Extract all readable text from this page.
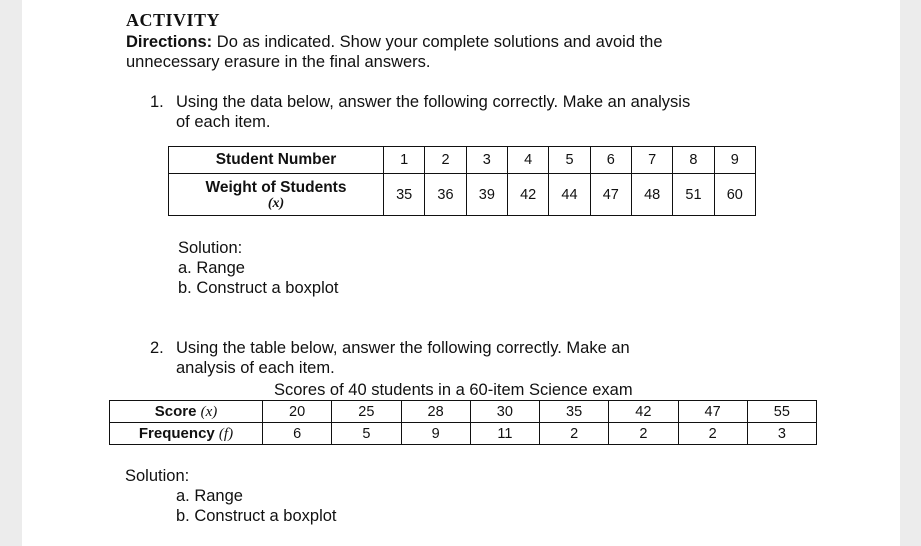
ACTIVITY
Directions: Do as indicated. Show your complete solutions and avoid the
unnecessary erasure in the final answers.
1. Using the data below, answer the following correctly. Make an analysis
of each item.
Student Number	1	2	3	4	5	6	7	8	9
Weight of Students
(x)	35	36	39	42	44	47	48	51	60
Solution:
a. Range
b. Construct a boxplot
2. Using the table below, answer the following correctly. Make an
analysis of each item.
Scores of 40 students in a 60-item Science exam
Score (x)	20	25	28	30	35	42	47	55
Frequency (f)	6	5	9	11	2	2	2	3
Solution:
a. Range
b. Construct a boxplot
